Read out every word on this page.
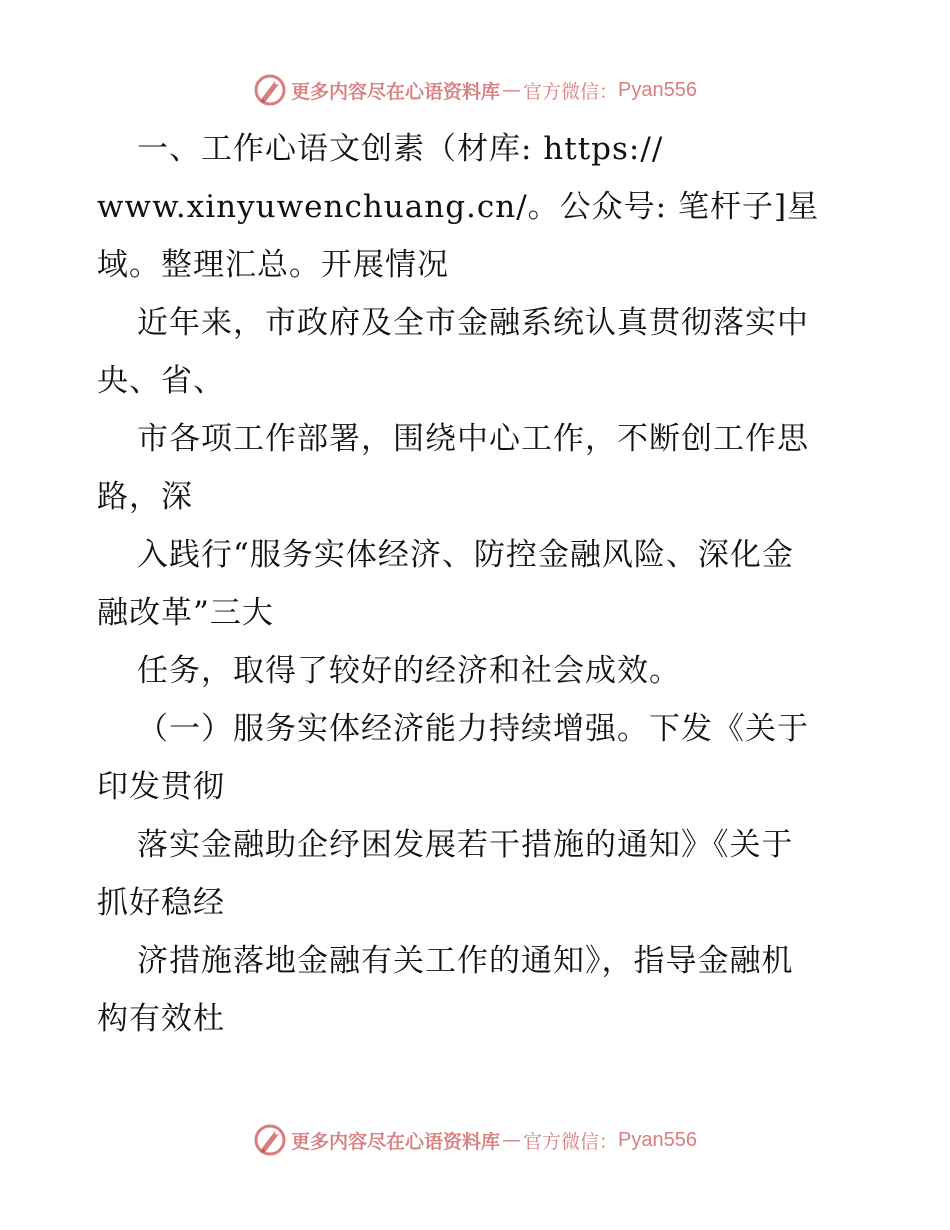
更多内容尽在心语资料库 — 官方微信： Pyan556
一、工作心语文创素（材库: https://
www.xinyuwenchuang.cn/。公众号: 笔杆子]星
域。整理汇总。开展情况
近年来，市政府及全市金融系统认真贯彻落实中
央、省、
市各项工作部署，围绕中心工作，不断创工作思
路，深
入践行“服务实体经济、防控金融风险、深化金
融改革”三大
任务，取得了较好的经济和社会成效。
（一）服务实体经济能力持续增强。下发《关于
印发贯彻
落实金融助企纾困发展若干措施的通知》《关于
抓好稳经
济措施落地金融有关工作的通知》，指导金融机
构有效杜
更多内容尽在心语资料库 — 官方微信： Pyan556
